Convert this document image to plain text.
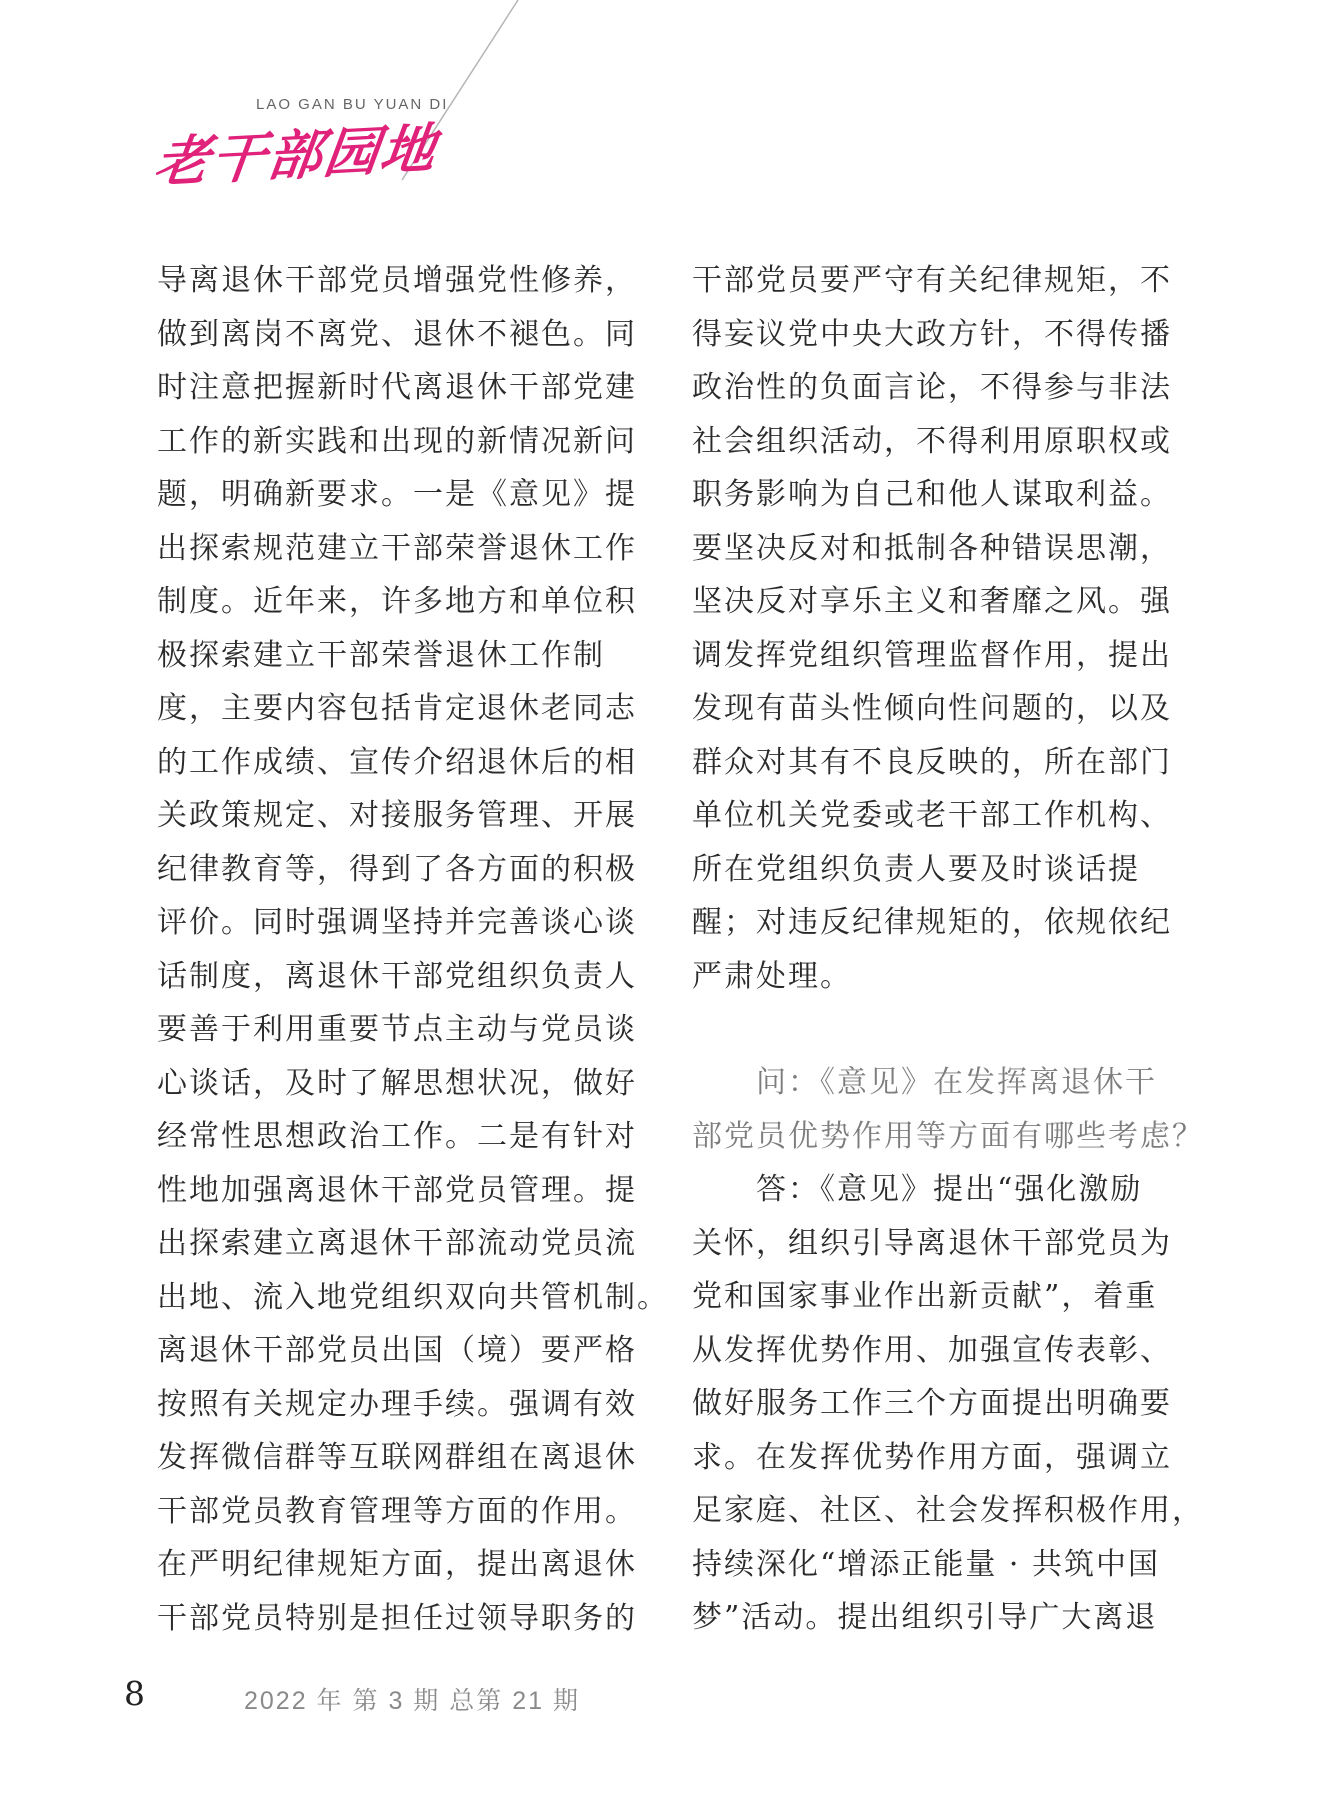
LAO GAN BU YUAN DI
老干部园地
导离退休干部党员增强党性修养，
做到离岗不离党、退休不褪色。同
时注意把握新时代离退休干部党建
工作的新实践和出现的新情况新问
题，明确新要求。一是《意见》提
出探索规范建立干部荣誉退休工作
制度。近年来，许多地方和单位积
极探索建立干部荣誉退休工作制
度，主要内容包括肯定退休老同志
的工作成绩、宣传介绍退休后的相
关政策规定、对接服务管理、开展
纪律教育等，得到了各方面的积极
评价。同时强调坚持并完善谈心谈
话制度，离退休干部党组织负责人
要善于利用重要节点主动与党员谈
心谈话，及时了解思想状况，做好
经常性思想政治工作。二是有针对
性地加强离退休干部党员管理。提
出探索建立离退休干部流动党员流
出地、流入地党组织双向共管机制。
离退休干部党员出国（境）要严格
按照有关规定办理手续。强调有效
发挥微信群等互联网群组在离退休
干部党员教育管理等方面的作用。
在严明纪律规矩方面，提出离退休
干部党员特别是担任过领导职务的
干部党员要严守有关纪律规矩，不
得妄议党中央大政方针，不得传播
政治性的负面言论，不得参与非法
社会组织活动，不得利用原职权或
职务影响为自己和他人谋取利益。
要坚决反对和抵制各种错误思潮，
坚决反对享乐主义和奢靡之风。强
调发挥党组织管理监督作用，提出
发现有苗头性倾向性问题的，以及
群众对其有不良反映的，所在部门
单位机关党委或老干部工作机构、
所在党组织负责人要及时谈话提
醒；对违反纪律规矩的，依规依纪
严肃处理。
问：《意见》在发挥离退休干
部党员优势作用等方面有哪些考虑？
答：《意见》提出“强化激励
关怀，组织引导离退休干部党员为
党和国家事业作出新贡献”，着重
从发挥优势作用、加强宣传表彰、
做好服务工作三个方面提出明确要
求。在发挥优势作用方面，强调立
足家庭、社区、社会发挥积极作用，
持续深化“增添正能量 · 共筑中国
梦”活动。提出组织引导广大离退
8	2022 年 第 3 期 总第 21 期
